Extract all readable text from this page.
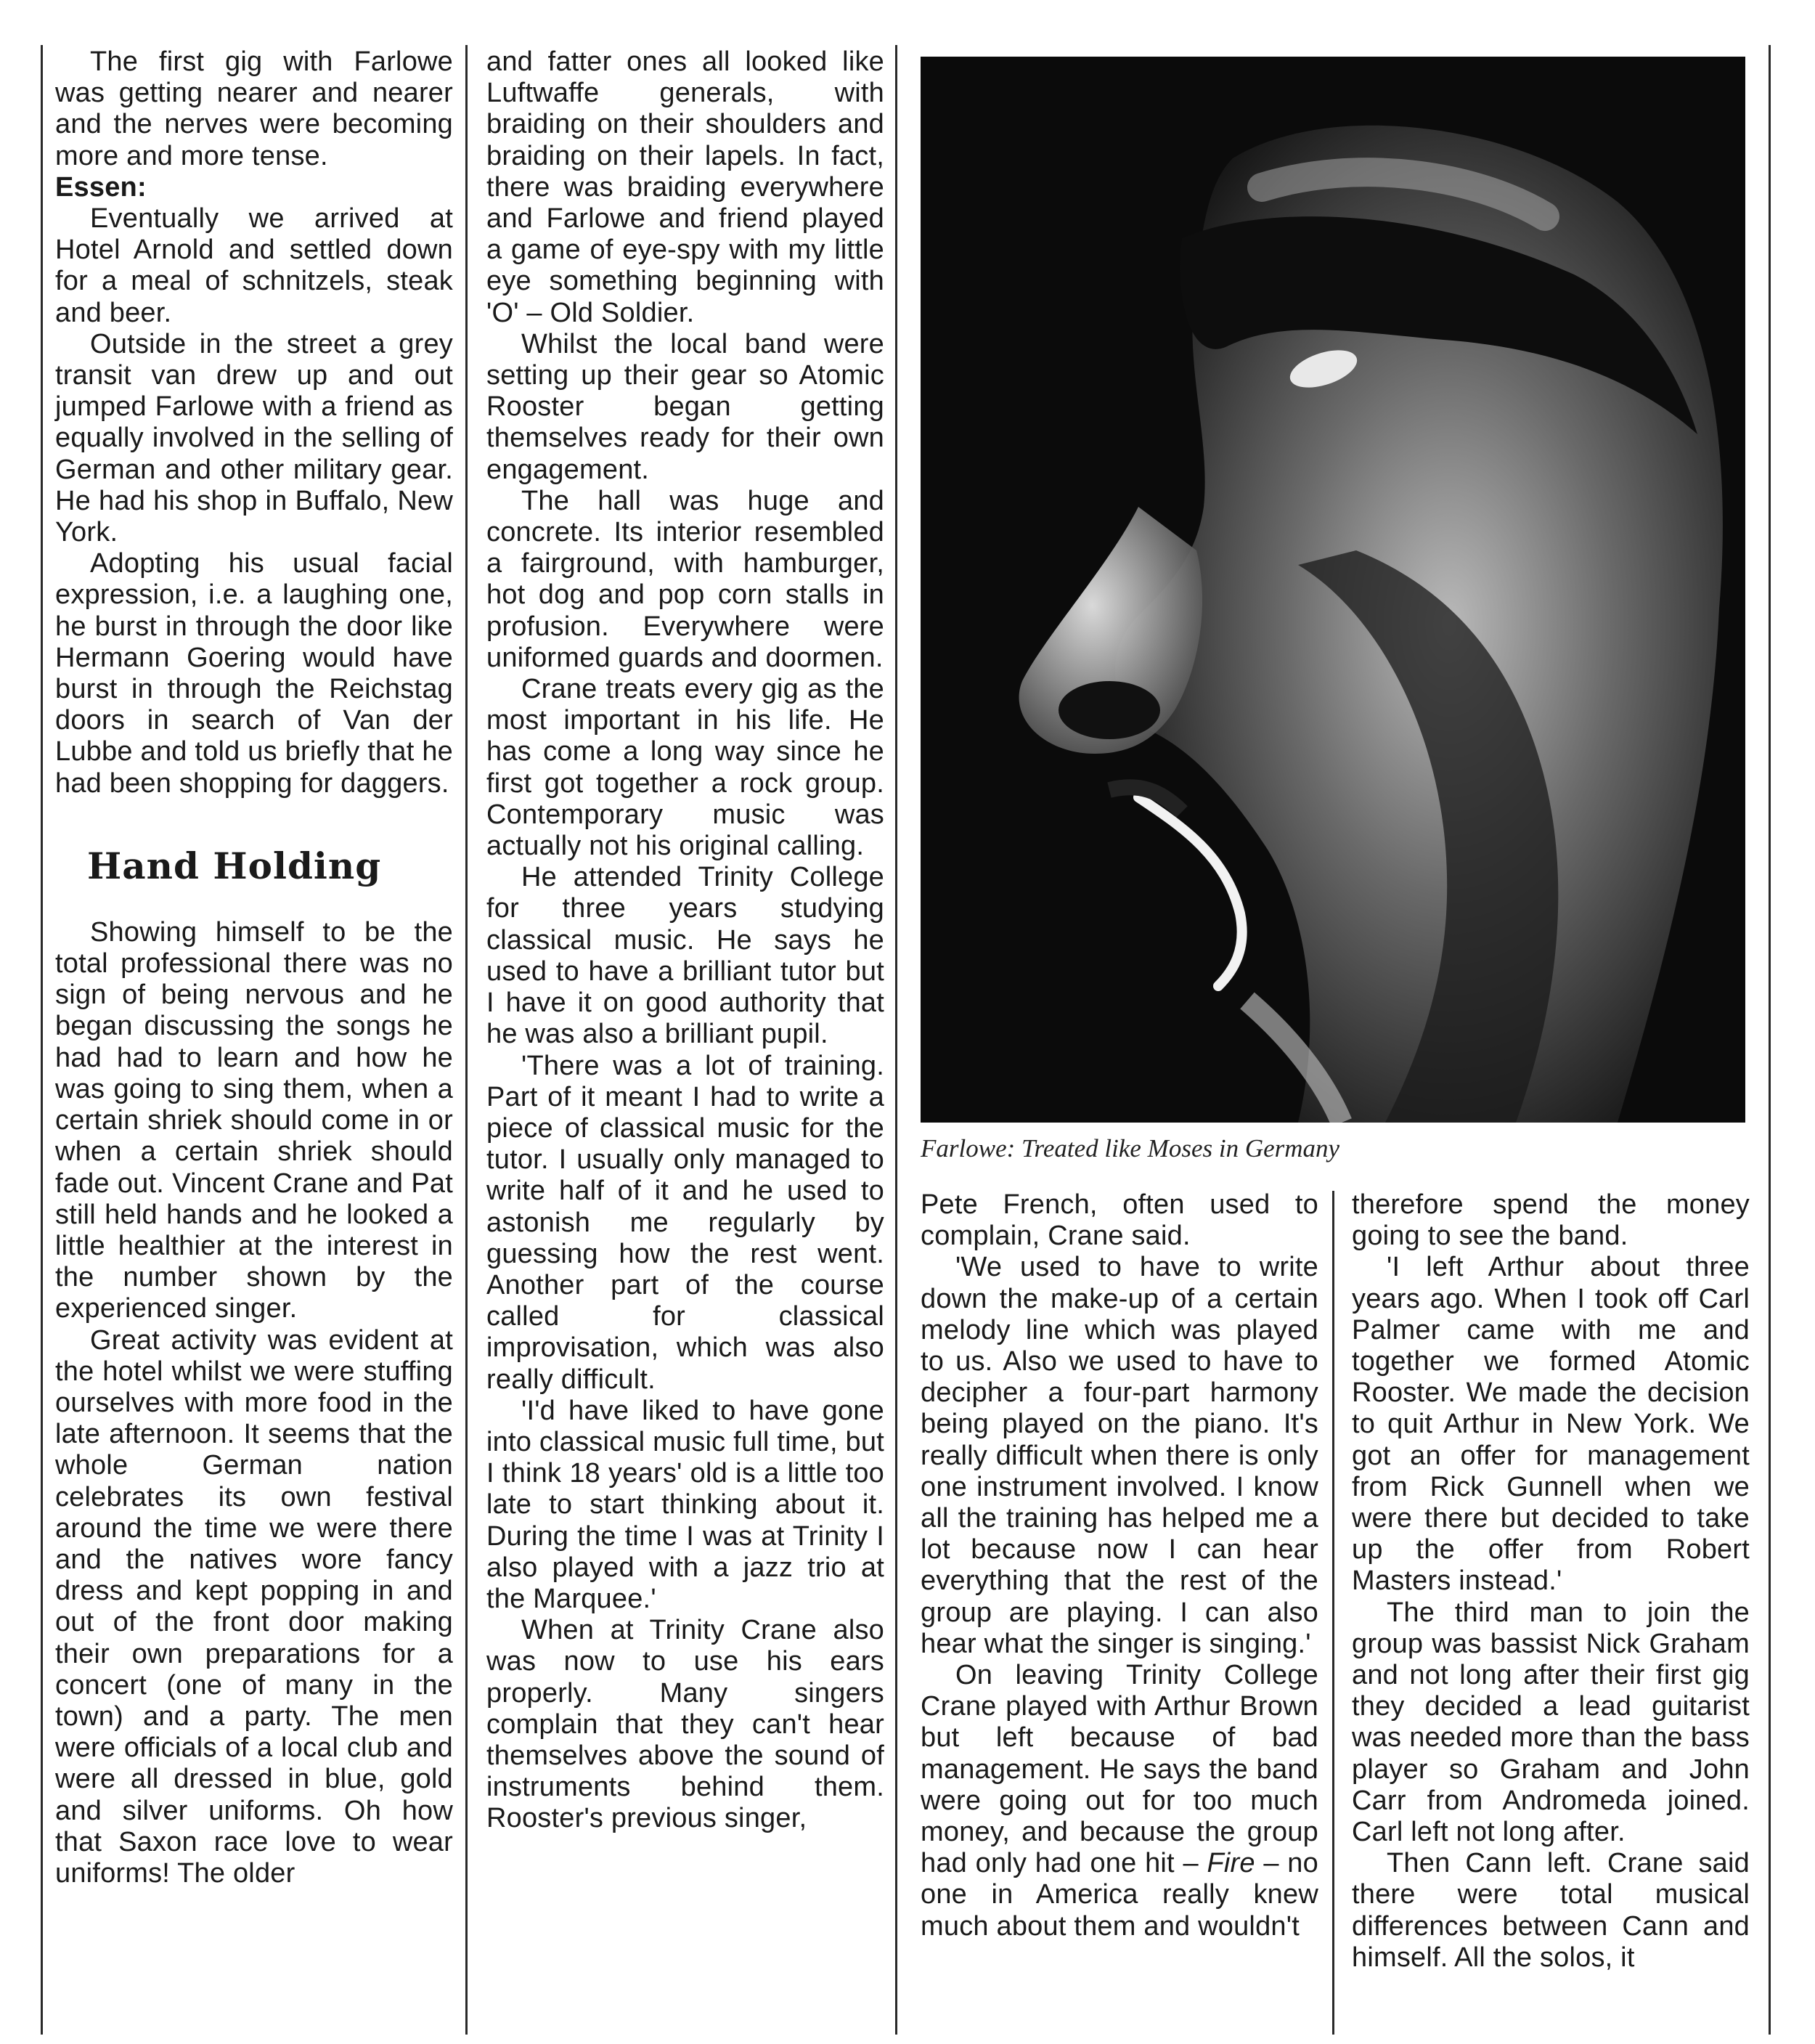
The first gig with Farlowe was getting nearer and nearer and the nerves were becoming more and more tense.

Essen:

Eventually we arrived at Hotel Arnold and settled down for a meal of schnitzels, steak and beer.

Outside in the street a grey transit van drew up and out jumped Farlowe with a friend as equally involved in the selling of German and other military gear. He had his shop in Buffalo, New York.

Adopting his usual facial expression, i.e. a laughing one, he burst in through the door like Hermann Goering would have burst in through the Reichstag doors in search of Van der Lubbe and told us briefly that he had been shopping for daggers.

Hand Holding

Showing himself to be the total professional there was no sign of being nervous and he began discussing the songs he had had to learn and how he was going to sing them, when a certain shriek should come in or when a certain shriek should fade out. Vincent Crane and Pat still held hands and he looked a little healthier at the interest in the number shown by the experienced singer.

Great activity was evident at the hotel whilst we were stuffing ourselves with more food in the late afternoon. It seems that the whole German nation celebrates its own festival around the time we were there and the natives wore fancy dress and kept popping in and out of the front door making their own preparations for a concert (one of many in the town) and a party. The men were officials of a local club and were all dressed in blue, gold and silver uniforms. Oh how that Saxon race love to wear uniforms! The older

and fatter ones all looked like Luftwaffe generals, with braiding on their shoulders and braiding on their lapels. In fact, there was braiding everywhere and Farlowe and friend played a game of eye-spy with my little eye something beginning with 'O' – Old Soldier.

Whilst the local band were setting up their gear so Atomic Rooster began getting themselves ready for their own engagement.

The hall was huge and concrete. Its interior resembled a fairground, with hamburger, hot dog and pop corn stalls in profusion. Everywhere were uniformed guards and doormen.

Crane treats every gig as the most important in his life. He has come a long way since he first got together a rock group. Contemporary music was actually not his original calling.

He attended Trinity College for three years studying classical music. He says he used to have a brilliant tutor but I have it on good authority that he was also a brilliant pupil.

'There was a lot of training. Part of it meant I had to write a piece of classical music for the tutor. I usually only managed to write half of it and he used to astonish me regularly by guessing how the rest went. Another part of the course called for classical improvisation, which was also really difficult.

'I'd have liked to have gone into classical music full time, but I think 18 years' old is a little too late to start thinking about it. During the time I was at Trinity I also played with a jazz trio at the Marquee.'

When at Trinity Crane also was now to use his ears properly. Many singers complain that they can't hear themselves above the sound of instruments behind them. Rooster's previous singer,

Farlowe: Treated like Moses in Germany

Pete French, often used to complain, Crane said.

'We used to have to write down the make-up of a certain melody line which was played to us. Also we used to have to decipher a four-part harmony being played on the piano. It's really difficult when there is only one instrument involved. I know all the training has helped me a lot because now I can hear everything that the rest of the group are playing. I can also hear what the singer is singing.'

On leaving Trinity College Crane played with Arthur Brown but left because of bad management. He says the band were going out for too much money, and because the group had only had one hit – Fire – no one in America really knew much about them and wouldn't

therefore spend the money going to see the band.

'I left Arthur about three years ago. When I took off Carl Palmer came with me and together we formed Atomic Rooster. We made the decision to quit Arthur in New York. We got an offer for management from Rick Gunnell when we were there but decided to take up the offer from Robert Masters instead.'

The third man to join the group was bassist Nick Graham and not long after their first gig they decided a lead guitarist was needed more than the bass player so Graham and John Carr from Andromeda joined. Carl left not long after.

Then Cann left. Crane said there were total musical differences between Cann and himself. All the solos, it
